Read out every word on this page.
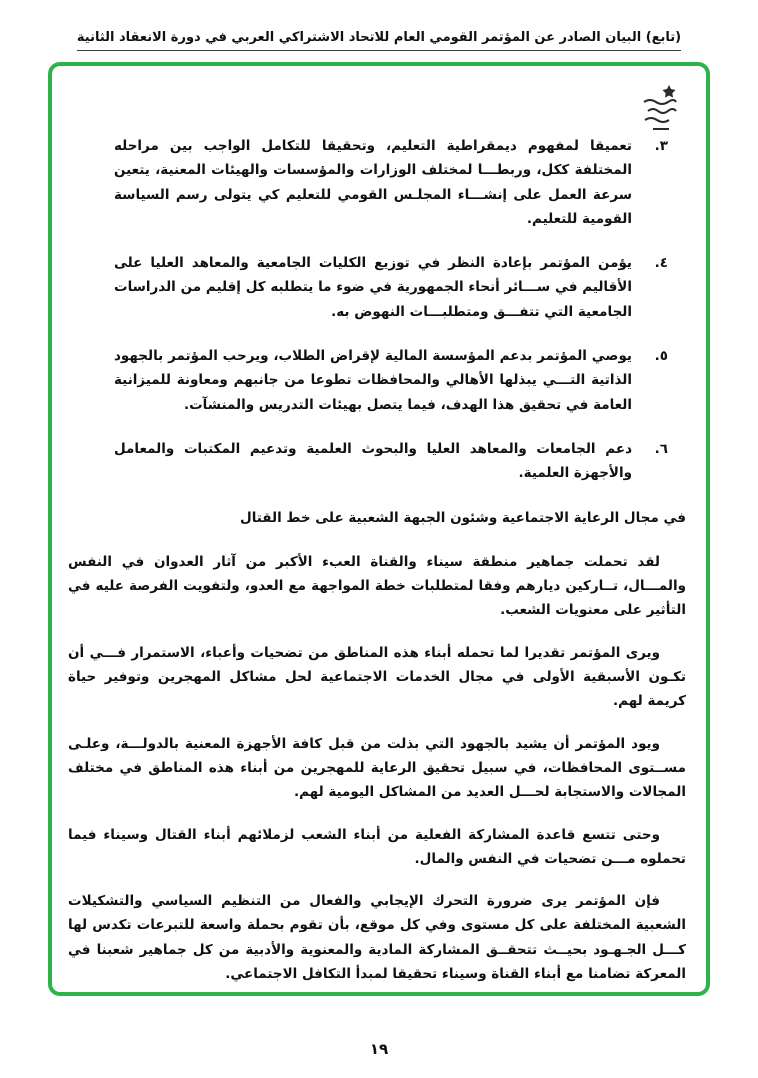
(تابع) البيان الصادر عن المؤتمر القومي العام للاتحاد الاشتراكي العربي في دورة الانعقاد الثانية
٣.
تعميقا لمفهوم ديمقراطية التعليم، وتحقيقا للتكامل الواجب بين مراحله المختلفة ككل، وربطـــا لمختلف الوزارات والمؤسسات والهيئات المعنية، يتعين سرعة العمل على إنشـــاء المجلـس القومي للتعليم كي يتولى رسم السياسة القومية للتعليم.
٤.
يؤمن المؤتمر بإعادة النظر في توزيع الكليات الجامعية والمعاهد العليا على الأقاليم في ســـائر أنحاء الجمهورية في ضوء ما يتطلبه كل إقليم من الدراسات الجامعية التي تتفـــق ومتطلبـــات النهوض به.
٥.
يوصي المؤتمر بدعم المؤسسة المالية لإقراض الطلاب، ويرحب المؤتمر بالجهود الذاتية التـــي يبذلها الأهالي والمحافظات تطوعا من جانبهم ومعاونة للميزانية العامة في تحقيق هذا الهدف، فيما يتصل بهيئات التدريس والمنشآت.
٦.
دعم الجامعات والمعاهد العليا والبحوث العلمية وتدعيم المكتبات والمعامل والأجهزة العلمية.
في مجال الرعاية الاجتماعية وشئون الجبهة الشعبية على خط القتال

لقد تحملت جماهير منطقة سيناء والقناة العبء الأكبر من آثار العدوان في النفس والمـــال، تــاركين ديارهم وفقا لمتطلبات خطة المواجهة مع العدو، ولتفويت الفرصة عليه في التأثير على معنويات الشعب.

ويرى المؤتمر تقديرا لما تحمله أبناء هذه المناطق من تضحيات وأعباء، الاستمرار فـــي أن تكـون الأسبقية الأولى في مجال الخدمات الاجتماعية لحل مشاكل المهجرين وتوفير حياة كريمة لهم.

ويود المؤتمر أن يشيد بالجهود التي بذلت من قبل كافة الأجهزة المعنية بالدولـــة، وعلـى مســتوى المحافظات، في سبيل تحقيق الرعاية للمهجرين من أبناء هذه المناطق في مختلف المجالات والاستجابة لحـــل العديد من المشاكل اليومية لهم.

وحتى تتسع قاعدة المشاركة الفعلية من أبناء الشعب لزملائهم أبناء القتال وسيناء فيما تحملوه مـــن تضحيات في النفس والمال.

فإن المؤتمر يرى ضرورة التحرك الإيجابي والفعال من التنظيم السياسي والتشكيلات الشعبية المختلفة على كل مستوى وفي كل موقع، بأن تقوم بحملة واسعة للتبرعات تكدس لها كـــل الجـهـود بحيــث تتحقــق المشاركة المادية والمعنوية والأدبية من كل جماهير شعبنا في المعركة تضامنا مع أبناء القناة وسيناء تحقيقا لمبدأ التكافل الاجتماعي.

١٩
